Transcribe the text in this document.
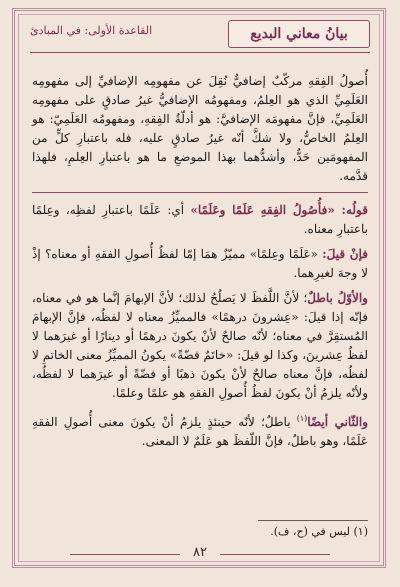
بيانُ معاني البديع
القاعدة الأولى: في المبادئ

أُصولُ الفِقهِ مركّبٌ إضافيٌّ نُقِلَ عن مفهومِه الإضافيِّ إلى مفهومِه العَلَمِيِّ الذي هو العِلمُ، ومفهومُه الإضافيُّ غيرُ صادقٍ على مفهومِه العَلَمِيِّ، فإنَّ مفهومَه الإضافيَّ: هو أدلّةُ الفِقهِ، ومفهومُه العَلَمِيّ: هو العِلمُ الخاصُّ، ولا شكَّ أنّه غيرُ صادقٍ عليه، فله باعتبارِ كلٍّ من المفهومَين حَدٌّ، وأشدُّهما بهذا الموضعِ ما هو باعتبارِ العِلمِ، فلهذا قدَّمه.

قولُه: «فأُصُولُ الفِقهِ عَلَمًا وعَلَمًا» أي: عَلَمًا باعتبارِ لفظِه، وعِلمًا باعتبارِ معناه.

فإنْ قيلَ: «عَلَمًا وعِلمًا» مميّزٌ همَا إمّا لفظُ أُصولِ الفقهِ أو معناه؟ إذْ لا وجهَ لغيرِهما.

والأوّلُ باطلٌ؛ لأنَّ اللَّفظَ لا يَصلُحُ لذلك؛ لأنَّ الإبهامَ إنَّما هو في معناه، فإنّه إذا قيلَ: «عِشرونَ درهمًا» فالمميِّزُ معناه لا لفظُه، فإنَّ الإبهامَ المُستقِرَّ في معناه؛ لأنّه صالحٌ لأنْ يكونَ درهمًا أو دينارًا أو غيرَهما لا لفظُ عِشرينَ، وكذا لو قيلَ: «خاتَمٌ فضّةً» يكونُ المميِّزُ معنى الخاتمِ لا لفظُه، فإنَّ معناه صالحٌ لأنْ يكونَ ذهبًا أو فضّةً أو غيرَهما لا لفظُه، ولأنّه يلزمُ أنْ يكونَ لفظُ أُصولِ الفقهِ هو علمًا وعلمًا.

والثّاني أيضًا$^{(١)}$ باطلٌ؛ لأنّه حينئذٍ يلزمُ أنْ يكونَ معنى أُصولِ الفقهِ عَلَمًا، وهو باطلٌ، فإنَّ اللّفظَ هو عَلَمٌ لا المعنى.

(١) ليس في (ح، ف).
٨٢
